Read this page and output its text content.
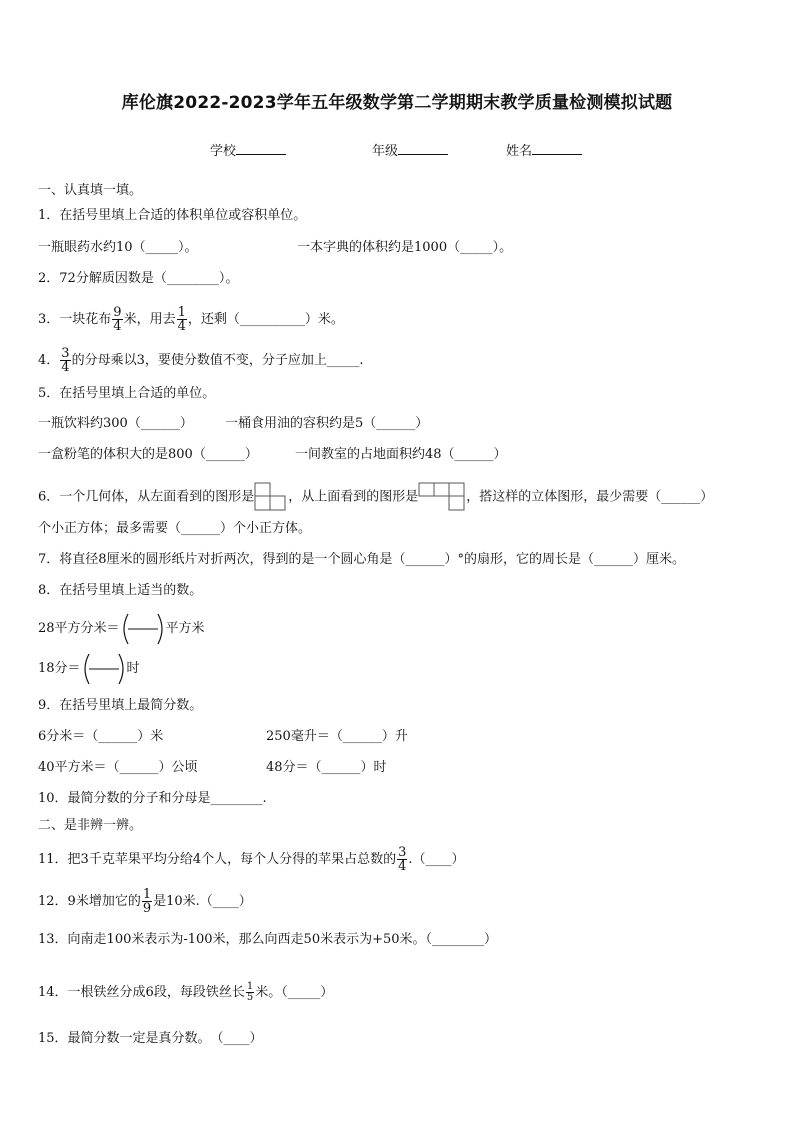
库伦旗2022-2023学年五年级数学第二学期期末教学质量检测模拟试题
学校	年级	姓名
一、认真填一填。
1．在括号里填上合适的体积单位或容积单位。
一瓶眼药水约10（_____）。	一本字典的体积约是1000（_____）。
2．72分解质因数是（________）。
3．一块花布 $\frac{9}{4}$ 米，用去 $\frac{1}{4}$ ，还剩（__________）米。
4． $\frac{3}{4}$ 的分母乘以3，要使分数值不变，分子应加上_____.
5．在括号里填上合适的单位。
一瓶饮料约300（______） 一桶食用油的容积约是5（______）
一盒粉笔的体积大的是800（______）	一间教室的占地面积约48（______）
6．一个几何体，从左面看到的图形是	，从上面看到的图形是	，搭这样的立体图形，最少需要（______）
个小正方体；最多需要（______）个小正方体。
7．将直径8厘米的圆形纸片对折两次，得到的是一个圆心角是（______）°的扇形，它的周长是（______）厘米。
8．在括号里填上适当的数。
28平方分米＝	平方米
18分＝	时
9．在括号里填上最简分数。
6分米＝（______）米	250毫升＝（______）升
40平方米＝（______）公顷	48分＝（______）时
10．最简分数的分子和分母是________.
二、是非辨一辨。
11．把3千克苹果平均分给4个人，每个人分得的苹果占总数的 $\frac{3}{4}$ .（____）
12．9米增加它的 $\frac{1}{9}$ 是10米.（____）
13．向南走100米表示为-100米，那么向西走50米表示为+50米。（________）
14．一根铁丝分成6段，每段铁丝长 $\frac{1}{5}$ 米。（_____）
15．最简分数一定是真分数。　（____）
